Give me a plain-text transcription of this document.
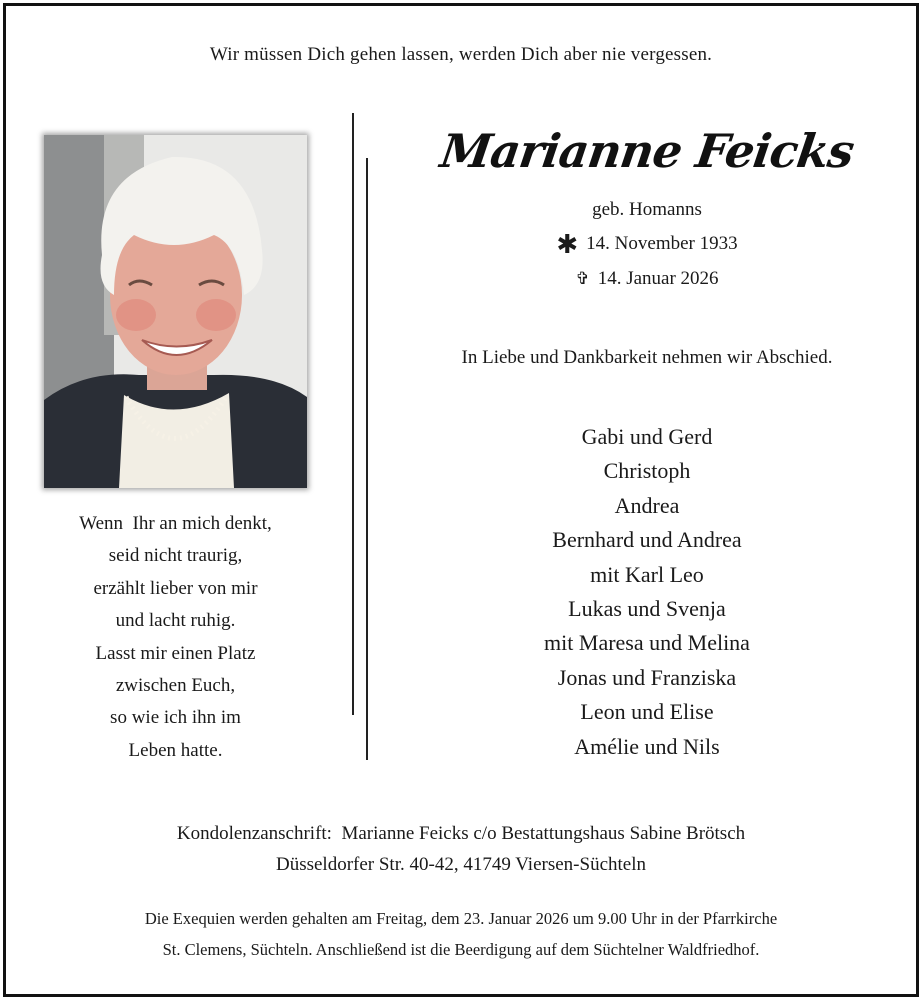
Wir müssen Dich gehen lassen, werden Dich aber nie vergessen.
Wenn  Ihr an mich denkt,
seid nicht traurig,
erzählt lieber von mir
und lacht ruhig.
Lasst mir einen Platz
zwischen Euch,
so wie ich ihn im
Leben hatte.
Marianne Feicks
geb. Homanns
✱ 14. November 1933
✞ 14. Januar 2026
In Liebe und Dankbarkeit nehmen wir Abschied.
Gabi und Gerd
Christoph
Andrea
Bernhard und Andrea
mit Karl Leo
Lukas und Svenja
mit Maresa und Melina
Jonas und Franziska
Leon und Elise
Amélie und Nils
Kondolenzanschrift:  Marianne Feicks c/o Bestattungshaus Sabine Brötsch
Düsseldorfer Str. 40-42, 41749 Viersen-Süchteln
Die Exequien werden gehalten am Freitag, dem 23. Januar 2026 um 9.00 Uhr in der Pfarrkirche
St. Clemens, Süchteln. Anschließend ist die Beerdigung auf dem Süchtelner Waldfriedhof.
